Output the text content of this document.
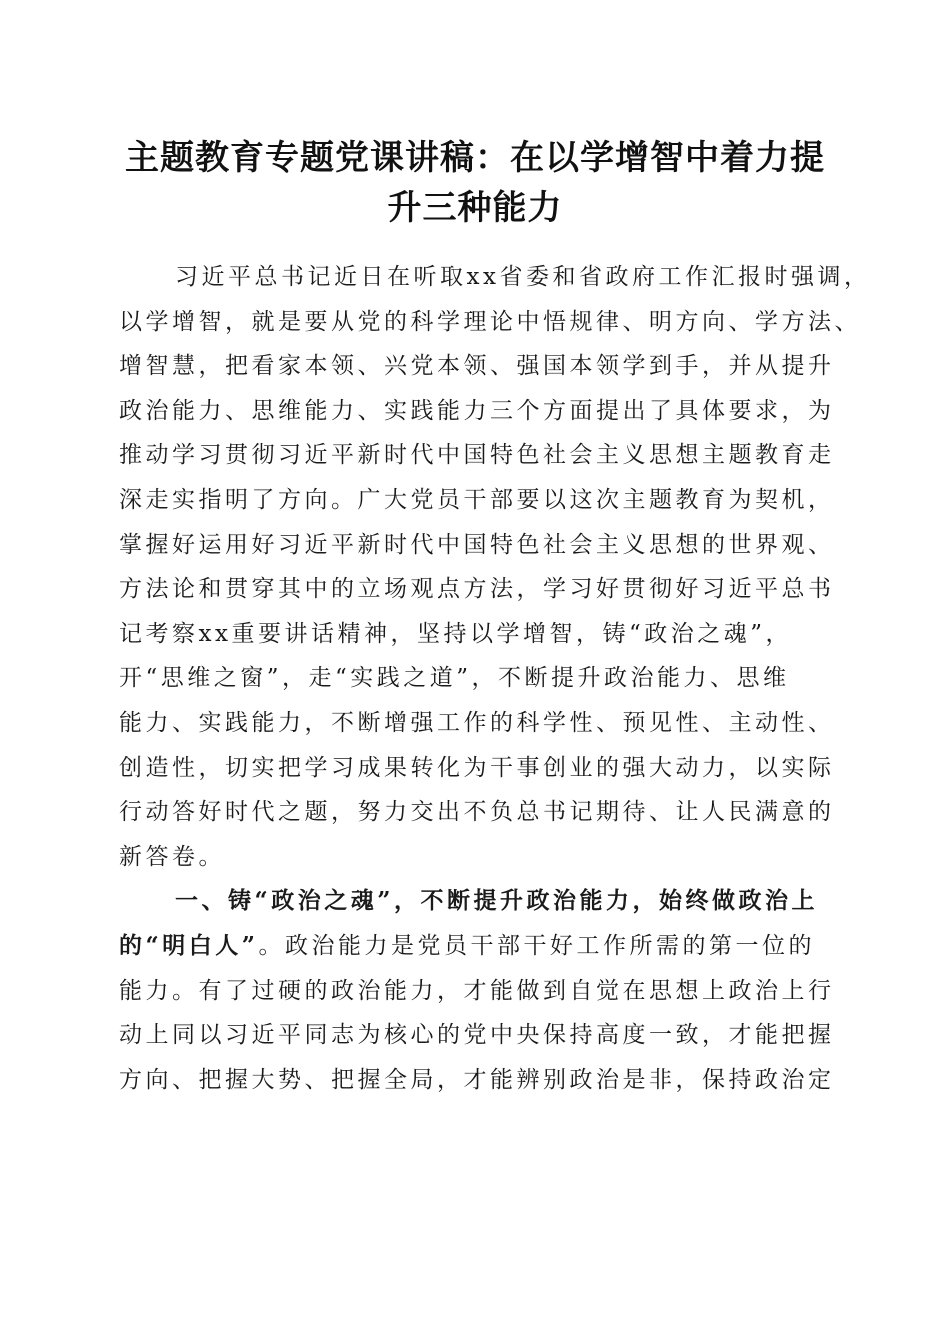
主题教育专题党课讲稿：在以学增智中着力提
升三种能力
习近平总书记近日在听取xx省委和省政府工作汇报时强调，
以学增智，就是要从党的科学理论中悟规律、明方向、学方法、
增智慧，把看家本领、兴党本领、强国本领学到手，并从提升
政治能力、思维能力、实践能力三个方面提出了具体要求，为
推动学习贯彻习近平新时代中国特色社会主义思想主题教育走
深走实指明了方向。广大党员干部要以这次主题教育为契机，
掌握好运用好习近平新时代中国特色社会主义思想的世界观、
方法论和贯穿其中的立场观点方法，学习好贯彻好习近平总书
记考察xx重要讲话精神，坚持以学增智，铸“政治之魂”，
开“思维之窗”，走“实践之道”，不断提升政治能力、思维
能力、实践能力，不断增强工作的科学性、预见性、主动性、
创造性，切实把学习成果转化为干事创业的强大动力，以实际
行动答好时代之题，努力交出不负总书记期待、让人民满意的
新答卷。
一、铸“政治之魂”，不断提升政治能力，始终做政治上
的“明白人”。政治能力是党员干部干好工作所需的第一位的
能力。有了过硬的政治能力，才能做到自觉在思想上政治上行
动上同以习近平同志为核心的党中央保持高度一致，才能把握
方向、把握大势、把握全局，才能辨别政治是非，保持政治定
